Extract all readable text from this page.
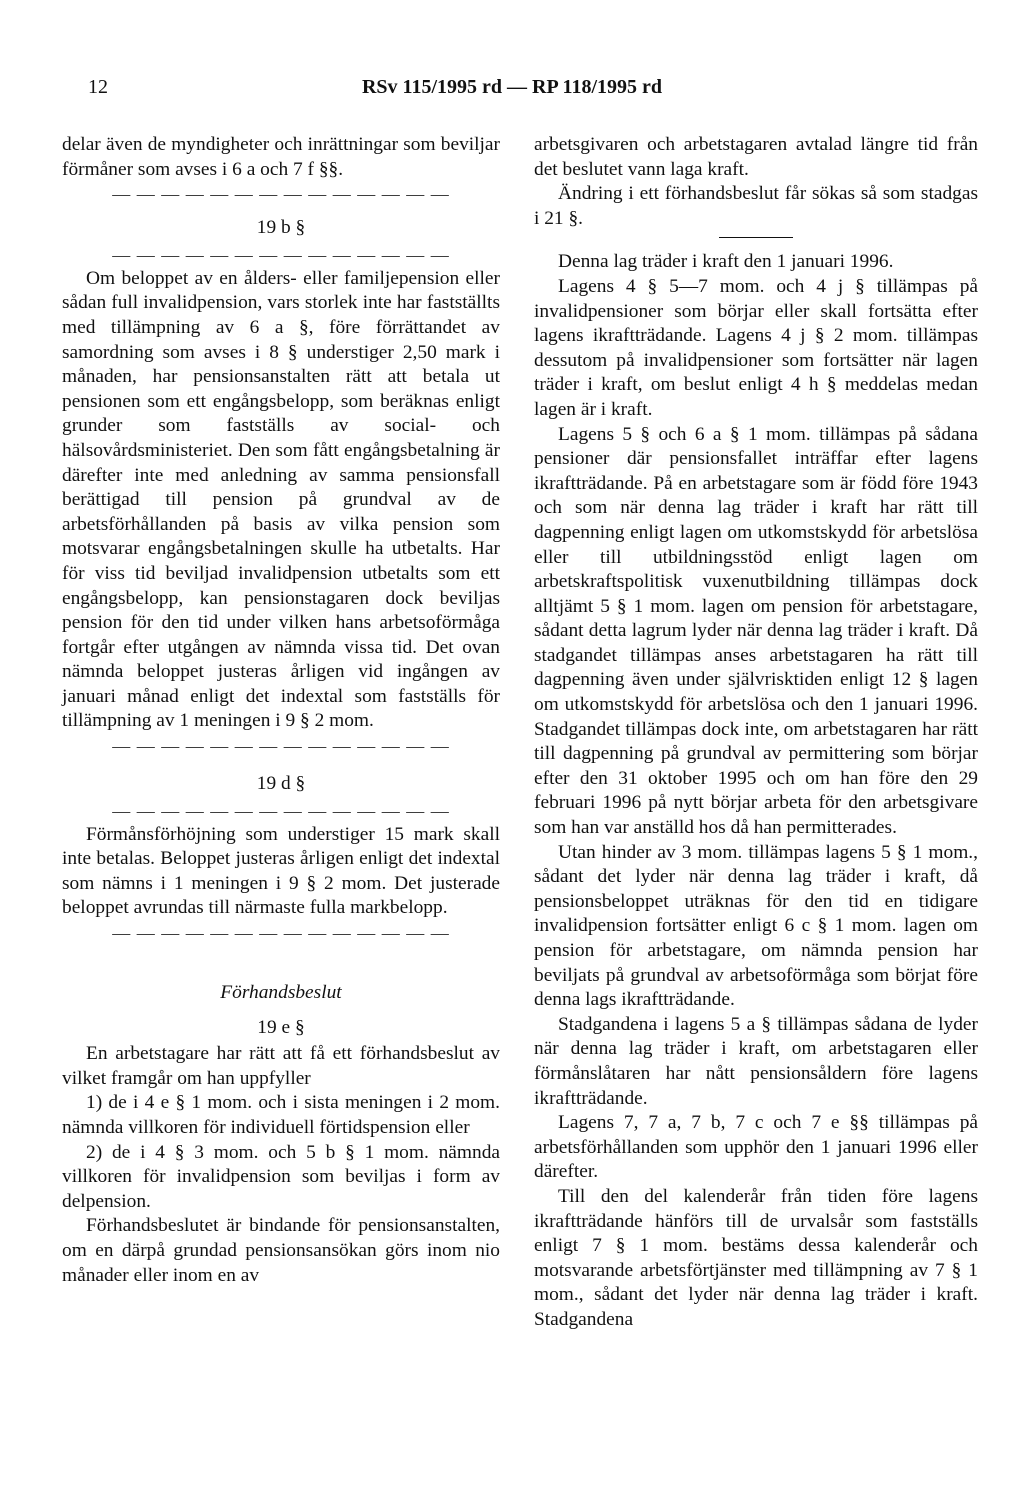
12	RSv 115/1995 rd — RP 118/1995 rd

delar även de myndigheter och inrättningar som beviljar förmåner som avses i 6 a och 7 f §§.

— — — — — — — — — — — — — —
19 b §
— — — — — — — — — — — — — —

Om beloppet av en ålders- eller familjepension eller sådan full invalidpension, vars storlek inte har fastställts med tillämpning av 6 a §, före förrättandet av samordning som avses i 8 § understiger 2,50 mark i månaden, har pensionsanstalten rätt att betala ut pensionen som ett engångsbelopp, som beräknas enligt grunder som fastställs av social- och hälsovårdsministeriet. Den som fått engångsbetalning är därefter inte med anledning av samma pensionsfall berättigad till pension på grundval av de arbetsförhållanden på basis av vilka pension som motsvarar engångsbetalningen skulle ha utbetalts. Har för viss tid beviljad invalidpension utbetalts som ett engångsbelopp, kan pensionstagaren dock beviljas pension för den tid under vilken hans arbetsoförmåga fortgår efter utgången av nämnda vissa tid. Det ovan nämnda beloppet justeras årligen vid ingången av januari månad enligt det indextal som fastställs för tillämpning av 1 meningen i 9 § 2 mom.

— — — — — — — — — — — — — —
19 d §
— — — — — — — — — — — — — —

Förmånsförhöjning som understiger 15 mark skall inte betalas. Beloppet justeras årligen enligt det indextal som nämns i 1 meningen i 9 § 2 mom. Det justerade beloppet avrundas till närmaste fulla markbelopp.

— — — — — — — — — — — — — —
Förhandsbeslut
19 e §

En arbetstagare har rätt att få ett förhandsbeslut av vilket framgår om han uppfyller

1) de i 4 e § 1 mom. och i sista meningen i 2 mom. nämnda villkoren för individuell förtidspension eller

2) de i 4 § 3 mom. och 5 b § 1 mom. nämnda villkoren för invalidpension som beviljas i form av delpension.

Förhandsbeslutet är bindande för pensionsanstalten, om en därpå grundad pensionsansökan görs inom nio månader eller inom en av

arbetsgivaren och arbetstagaren avtalad längre tid från det beslutet vann laga kraft.

Ändring i ett förhandsbeslut får sökas så som stadgas i 21 §.

Denna lag träder i kraft den 1 januari 1996.

Lagens 4 § 5—7 mom. och 4 j § tillämpas på invalidpensioner som börjar eller skall fortsätta efter lagens ikraftträdande. Lagens 4 j § 2 mom. tillämpas dessutom på invalidpensioner som fortsätter när lagen träder i kraft, om beslut enligt 4 h § meddelas medan lagen är i kraft.

Lagens 5 § och 6 a § 1 mom. tillämpas på sådana pensioner där pensionsfallet inträffar efter lagens ikraftträdande. På en arbetstagare som är född före 1943 och som när denna lag träder i kraft har rätt till dagpenning enligt lagen om utkomstskydd för arbetslösa eller till utbildningsstöd enligt lagen om arbetskraftspolitisk vuxenutbildning tillämpas dock alltjämt 5 § 1 mom. lagen om pension för arbetstagare, sådant detta lagrum lyder när denna lag träder i kraft. Då stadgandet tillämpas anses arbetstagaren ha rätt till dagpenning även under självrisktiden enligt 12 § lagen om utkomstskydd för arbetslösa och den 1 januari 1996. Stadgandet tillämpas dock inte, om arbetstagaren har rätt till dagpenning på grundval av permittering som börjar efter den 31 oktober 1995 och om han före den 29 februari 1996 på nytt börjar arbeta för den arbetsgivare som han var anställd hos då han permitterades.

Utan hinder av 3 mom. tillämpas lagens 5 § 1 mom., sådant det lyder när denna lag träder i kraft, då pensionsbeloppet uträknas för den tid en tidigare invalidpension fortsätter enligt 6 c § 1 mom. lagen om pension för arbetstagare, om nämnda pension har beviljats på grundval av arbetsoförmåga som börjat före denna lags ikraftträdande.

Stadgandena i lagens 5 a § tillämpas sådana de lyder när denna lag träder i kraft, om arbetstagaren eller förmånslåtaren har nått pensionsåldern före lagens ikraftträdande.

Lagens 7, 7 a, 7 b, 7 c och 7 e §§ tillämpas på arbetsförhållanden som upphör den 1 januari 1996 eller därefter.

Till den del kalenderår från tiden före lagens ikraftträdande hänförs till de urvalsår som fastställs enligt 7 § 1 mom. bestäms dessa kalenderår och motsvarande arbetsförtjänster med tillämpning av 7 § 1 mom., sådant det lyder när denna lag träder i kraft. Stadgandena
